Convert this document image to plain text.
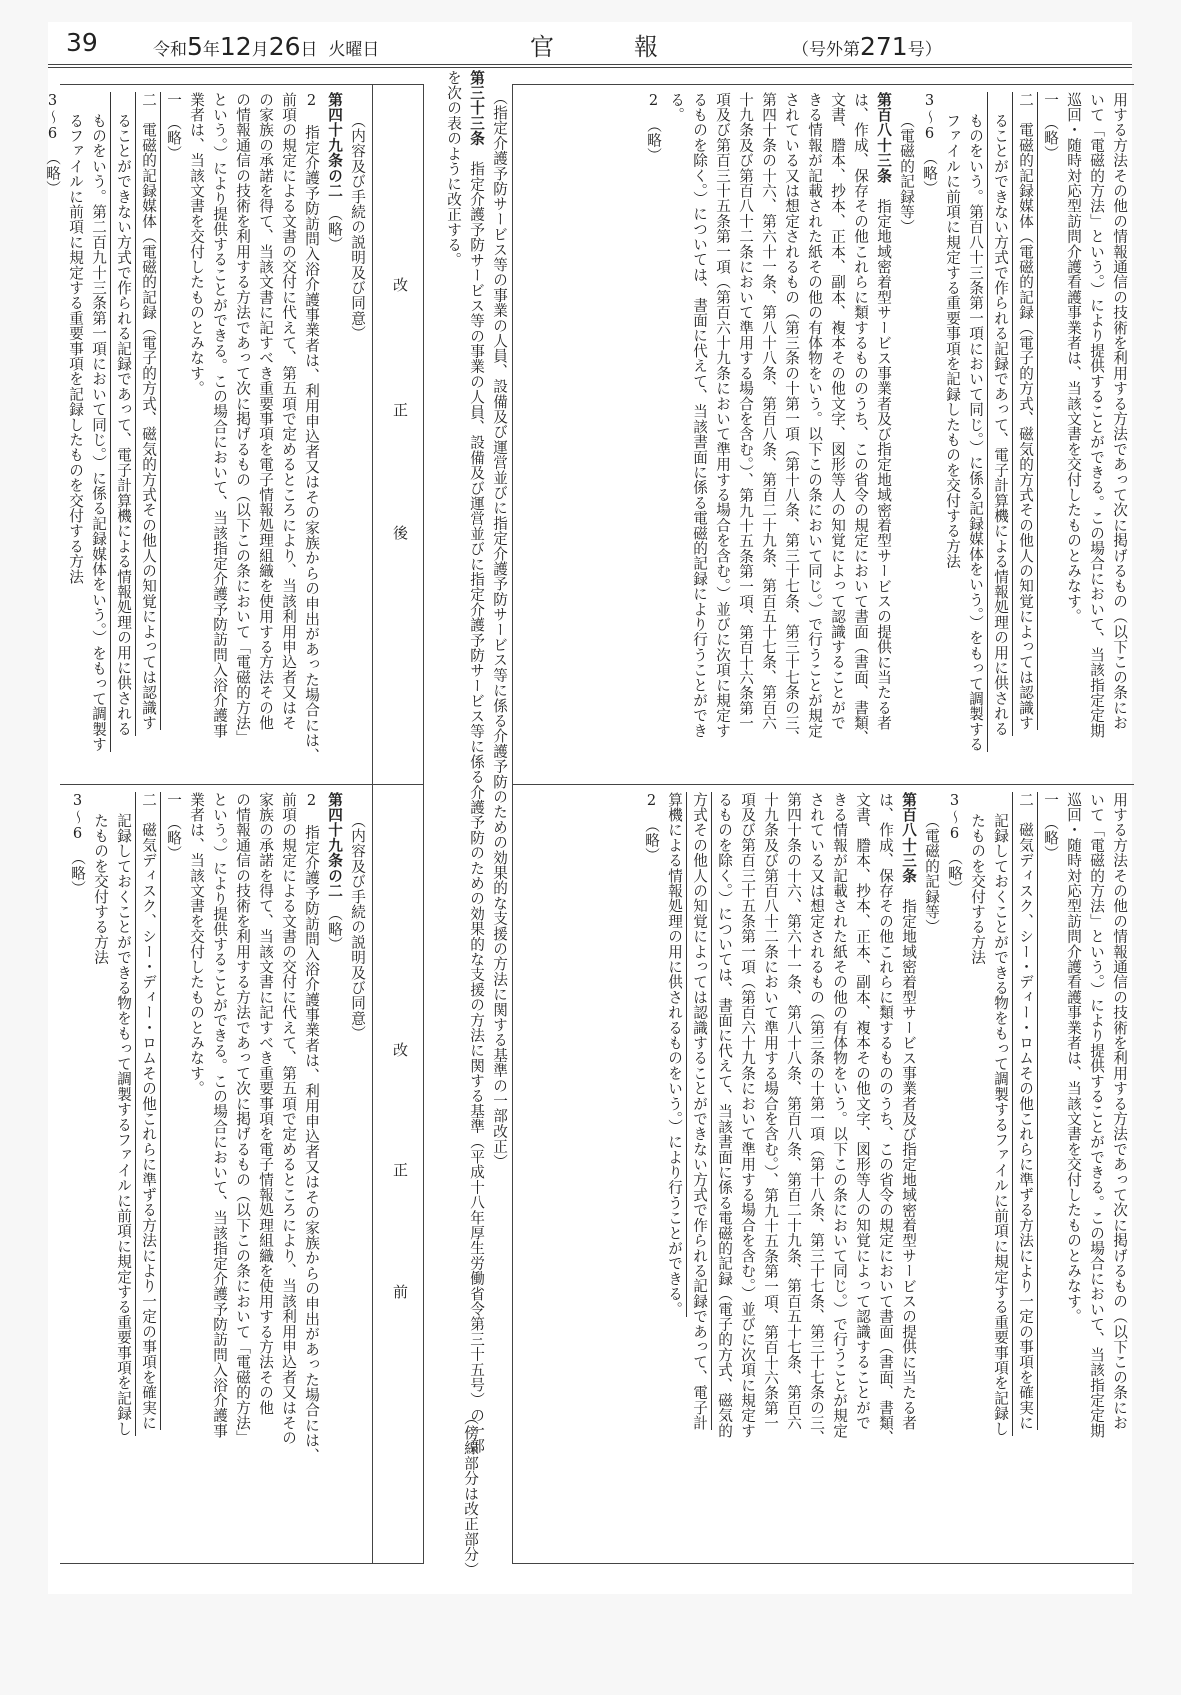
39	令和5年12月26日 火曜日	官	報	（号外第271号）
用する方法その他の情報通信の技術を利用する方法であって次に掲げるもの（以下この条にお
いて「電磁的方法」という。）により提供することができる。この場合において、当該指定定期
巡回・随時対応型訪問介護看護事業者は、当該文書を交付したものとみなす。
一　（略）
二　電磁的記録媒体（電磁的記録（電子的方式、磁気的方式その他人の知覚によっては認識す
ることができない方式で作られる記録であって、電子計算機による情報処理の用に供される
ものをいう。第百八十三条第一項において同じ。）に係る記録媒体をいう。）をもって調製する
ファイルに前項に規定する重要事項を記録したものを交付する方法
3～6　（略）
（電磁的記録等）
第百八十三条　指定地域密着型サービス事業者及び指定地域密着型サービスの提供に当たる者
は、作成、保存その他これらに類するもののうち、この省令の規定において書面（書面、書類、
文書、謄本、抄本、正本、副本、複本その他文字、図形等人の知覚によって認識することがで
きる情報が記載された紙その他の有体物をいう。以下この条において同じ。）で行うことが規定
されている又は想定されるもの（第三条の十第一項（第十八条、第三十七条、第三十七条の三、
第四十条の十六、第六十一条、第八十八条、第百八条、第百二十九条、第百五十七条、第百六
十九条及び第百八十二条において準用する場合を含む。）、第九十五条第一項、第百十六条第一
項及び第百三十五条第一項（第百六十九条において準用する場合を含む。）並びに次項に規定す
るものを除く。）については、書面に代えて、当該書面に係る電磁的記録により行うことができ
る。
2　（略）
用する方法その他の情報通信の技術を利用する方法であって次に掲げるもの（以下この条にお
いて「電磁的方法」という。）により提供することができる。この場合において、当該指定定期
巡回・随時対応型訪問介護看護事業者は、当該文書を交付したものとみなす。
一　（略）
二　磁気ディスク、シー・ディー・ロムその他これらに準ずる方法により一定の事項を確実に
記録しておくことができる物をもって調製するファイルに前項に規定する重要事項を記録し
たものを交付する方法
3～6　（略）
（電磁的記録等）
第百八十三条　指定地域密着型サービス事業者及び指定地域密着型サービスの提供に当たる者
は、作成、保存その他これらに類するもののうち、この省令の規定において書面（書面、書類、
文書、謄本、抄本、正本、副本、複本その他文字、図形等人の知覚によって認識することがで
きる情報が記載された紙その他の有体物をいう。以下この条において同じ。）で行うことが規定
されている又は想定されるもの（第三条の十第一項（第十八条、第三十七条、第三十七条の三、
第四十条の十六、第六十一条、第八十八条、第百八条、第百二十九条、第百五十七条、第百六
十九条及び第百八十二条において準用する場合を含む。）、第九十五条第一項、第百十六条第一
項及び第百三十五条第一項（第百六十九条において準用する場合を含む。）並びに次項に規定す
るものを除く。）については、書面に代えて、当該書面に係る電磁的記録（電子的方式、磁気的
方式その他人の知覚によっては認識することができない方式で作られる記録であって、電子計
算機による情報処理の用に供されるものをいう。）により行うことができる。
2　（略）
（指定介護予防サービス等の事業の人員、設備及び運営並びに指定介護予防サービス等に係る介護予防のための効果的な支援の方法に関する基準の一部改正）
第三十三条　指定介護予防サービス等の事業の人員、設備及び運営並びに指定介護予防サービス等に係る介護予防のための効果的な支援の方法に関する基準（平成十八年厚生労働省令第三十五号）の一部
を次の表のように改正する。
（傍線部分は改正部分）
改
正
後
改
正
前
（内容及び手続の説明及び同意）
第四十九条の二　（略）
2　指定介護予防訪問入浴介護事業者は、利用申込者又はその家族からの申出があった場合には、
前項の規定による文書の交付に代えて、第五項で定めるところにより、当該利用申込者又はそ
の家族の承諾を得て、当該文書に記すべき重要事項を電子情報処理組織を使用する方法その他
の情報通信の技術を利用する方法であって次に掲げるもの（以下この条において「電磁的方法」
という。）により提供することができる。この場合において、当該指定介護予防訪問入浴介護事
業者は、当該文書を交付したものとみなす。
一　（略）
二　電磁的記録媒体（電磁的記録（電子的方式、磁気的方式その他人の知覚によっては認識す
ることができない方式で作られる記録であって、電子計算機による情報処理の用に供される
ものをいう。第二百九十三条第一項において同じ。）に係る記録媒体をいう。）をもって調製す
るファイルに前項に規定する重要事項を記録したものを交付する方法
3～6　（略）
（内容及び手続の説明及び同意）
第四十九条の二　（略）
2　指定介護予防訪問入浴介護事業者は、利用申込者又はその家族からの申出があった場合には、
前項の規定による文書の交付に代えて、第五項で定めるところにより、当該利用申込者又はその
家族の承諾を得て、当該文書に記すべき重要事項を電子情報処理組織を使用する方法その他
の情報通信の技術を利用する方法であって次に掲げるもの（以下この条において「電磁的方法」
という。）により提供することができる。この場合において、当該指定介護予防訪問入浴介護事
業者は、当該文書を交付したものとみなす。
一　（略）
二　磁気ディスク、シー・ディー・ロムその他これらに準ずる方法により一定の事項を確実に
記録しておくことができる物をもって調製するファイルに前項に規定する重要事項を記録し
たものを交付する方法
3～6　（略）
